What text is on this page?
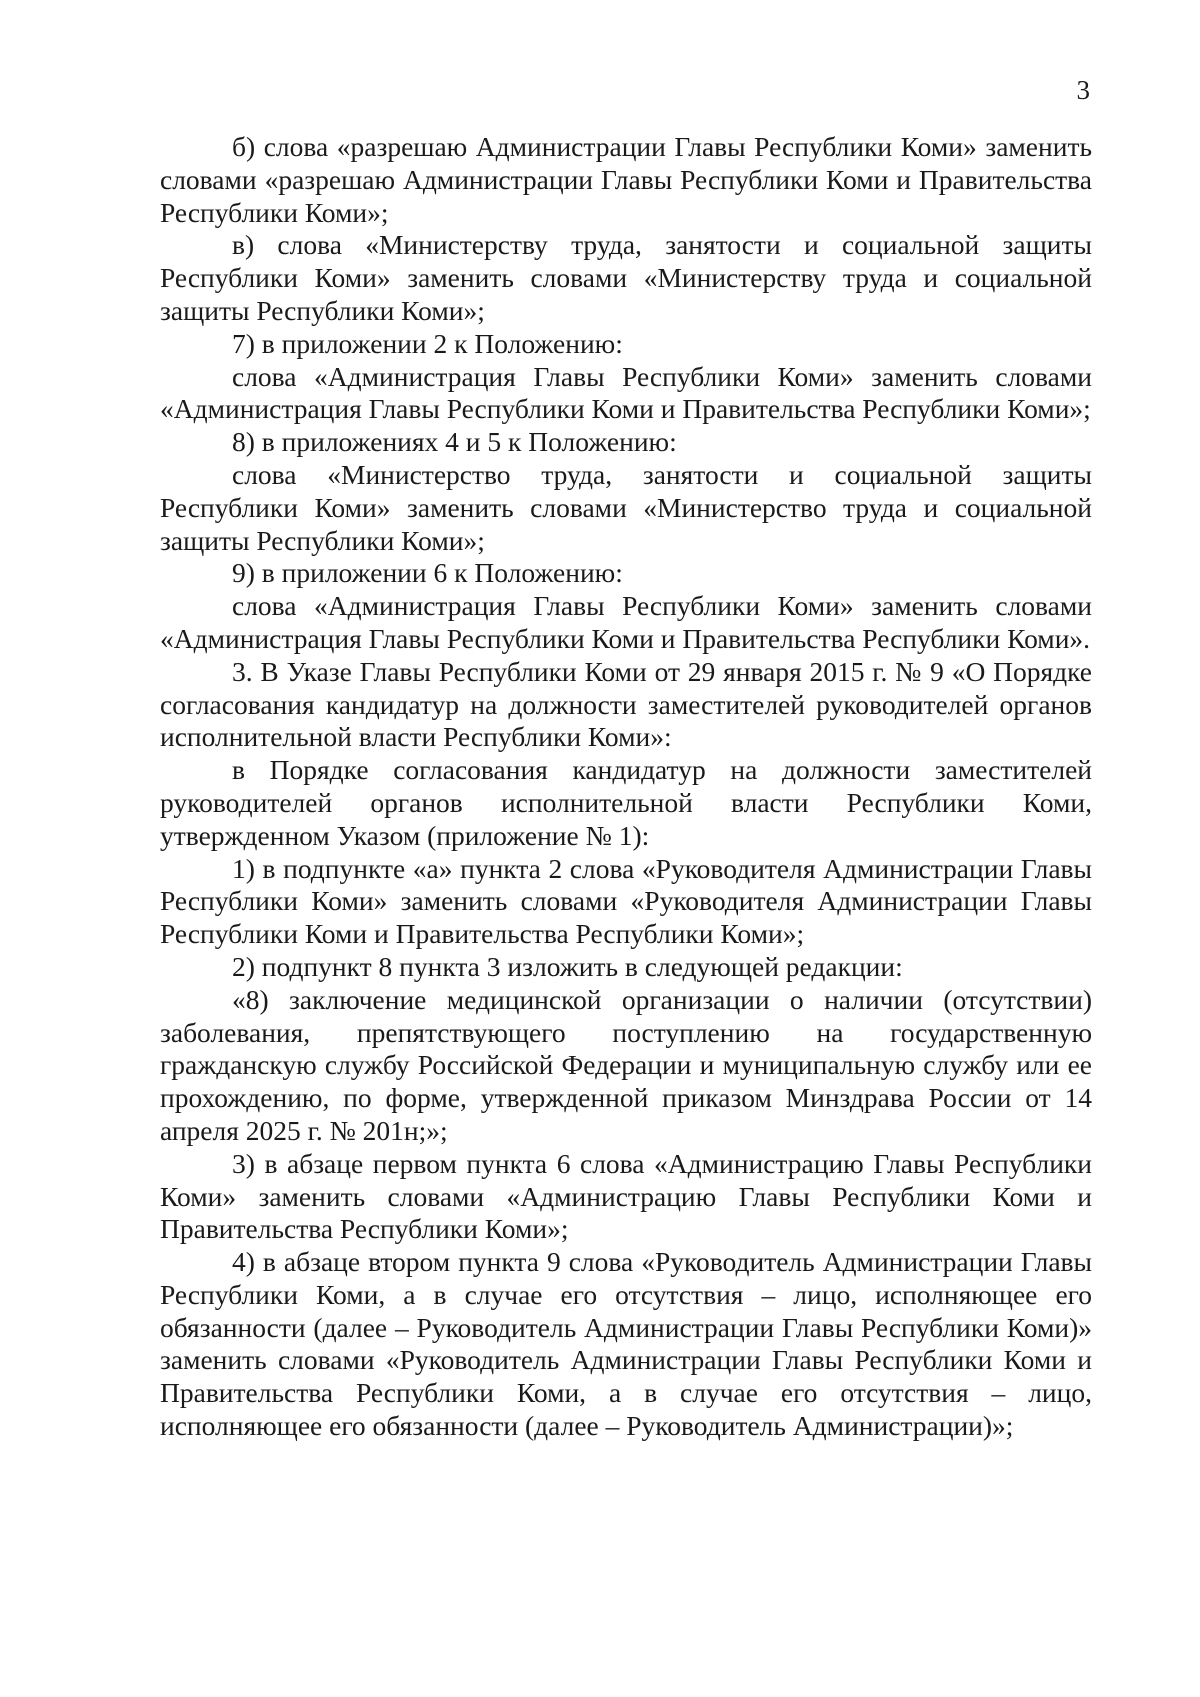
3

б) слова «разрешаю Администрации Главы Республики Коми» заменить словами «разрешаю Администрации Главы Республики Коми и Правительства Республики Коми»;

в) слова «Министерству труда, занятости и социальной защиты Республики Коми» заменить словами «Министерству труда и социальной защиты Республики Коми»;

7) в приложении 2 к Положению:

слова «Администрация Главы Республики Коми» заменить словами «Администрация Главы Республики Коми и Правительства Республики Коми»;

8) в приложениях 4 и 5 к Положению:

слова «Министерство труда, занятости и социальной защиты Республики Коми» заменить словами «Министерство труда и социальной защиты Республики Коми»;

9) в приложении 6 к Положению:

слова «Администрация Главы Республики Коми» заменить словами «Администрация Главы Республики Коми и Правительства Республики Коми».

3. В Указе Главы Республики Коми от 29 января 2015 г. № 9 «О Порядке согласования кандидатур на должности заместителей руководителей органов исполнительной власти Республики Коми»:

в Порядке согласования кандидатур на должности заместителей руководителей органов исполнительной власти Республики Коми, утвержденном Указом (приложение № 1):

1) в подпункте «а» пункта 2 слова «Руководителя Администрации Главы Республики Коми» заменить словами «Руководителя Администрации Главы Республики Коми и Правительства Республики Коми»;

2) подпункт 8 пункта 3 изложить в следующей редакции:

«8) заключение медицинской организации о наличии (отсутствии) заболевания, препятствующего поступлению на государственную гражданскую службу Российской Федерации и муниципальную службу или ее прохождению, по форме, утвержденной приказом Минздрава России от 14 апреля 2025 г. № 201н;»;

3) в абзаце первом пункта 6 слова «Администрацию Главы Республики Коми» заменить словами «Администрацию Главы Республики Коми и Правительства Республики Коми»;

4) в абзаце втором пункта 9 слова «Руководитель Администрации Главы Республики Коми, а в случае его отсутствия – лицо, исполняющее его обязанности (далее – Руководитель Администрации Главы Республики Коми)» заменить словами «Руководитель Администрации Главы Республики Коми и Правительства Республики Коми, а в случае его отсутствия – лицо, исполняющее его обязанности (далее – Руководитель Администрации)»;
